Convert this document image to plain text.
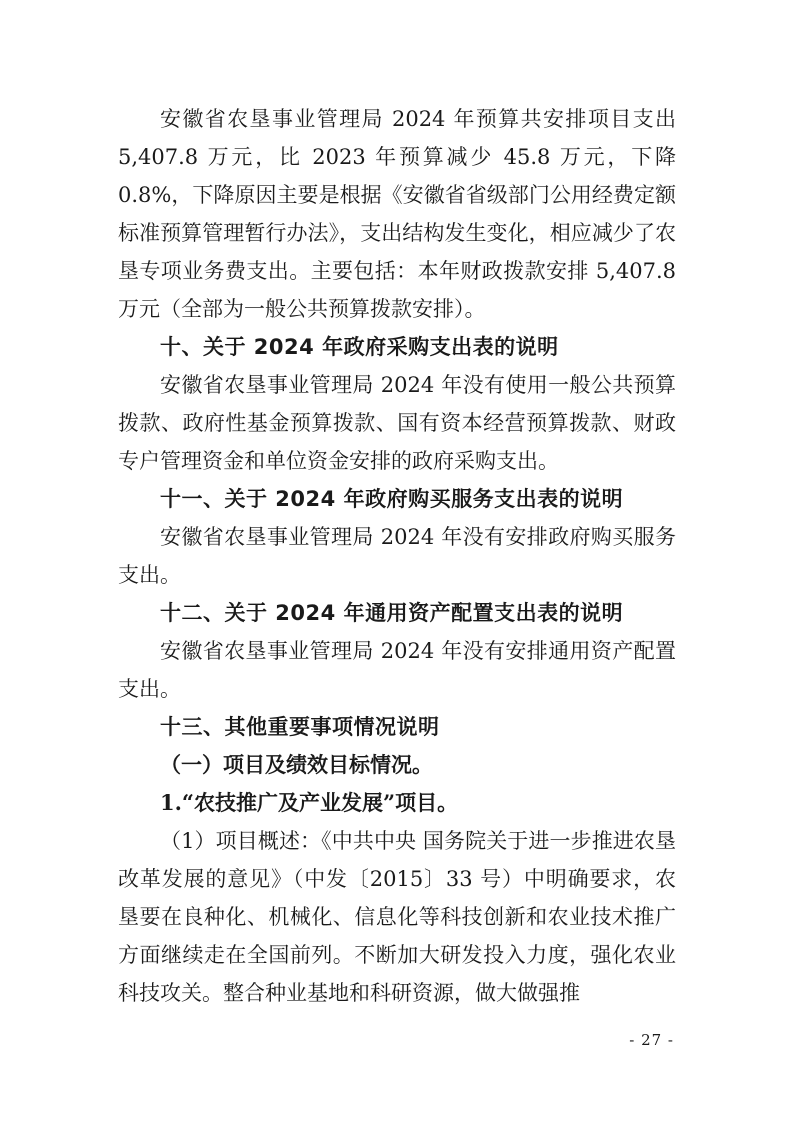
安徽省农垦事业管理局 2024 年预算共安排项目支出 5,407.8 万元，比 2023 年预算减少 45.8 万元，下降 0.8%，下降原因主要是根据《安徽省省级部门公用经费定额标准预算管理暂行办法》，支出结构发生变化，相应减少了农垦专项业务费支出。主要包括：本年财政拨款安排 5,407.8 万元（全部为一般公共预算拨款安排）。

十、关于 2024 年政府采购支出表的说明

安徽省农垦事业管理局 2024 年没有使用一般公共预算拨款、政府性基金预算拨款、国有资本经营预算拨款、财政专户管理资金和单位资金安排的政府采购支出。

十一、关于 2024 年政府购买服务支出表的说明

安徽省农垦事业管理局 2024 年没有安排政府购买服务支出。

十二、关于 2024 年通用资产配置支出表的说明

安徽省农垦事业管理局 2024 年没有安排通用资产配置支出。

十三、其他重要事项情况说明
（一）项目及绩效目标情况。
1.“农技推广及产业发展”项目。

（1）项目概述：《中共中央 国务院关于进一步推进农垦改革发展的意见》（中发〔2015〕33 号）中明确要求，农垦要在良种化、机械化、信息化等科技创新和农业技术推广方面继续走在全国前列。不断加大研发投入力度，强化农业科技攻关。整合种业基地和科研资源，做大做强推

- 27 -
